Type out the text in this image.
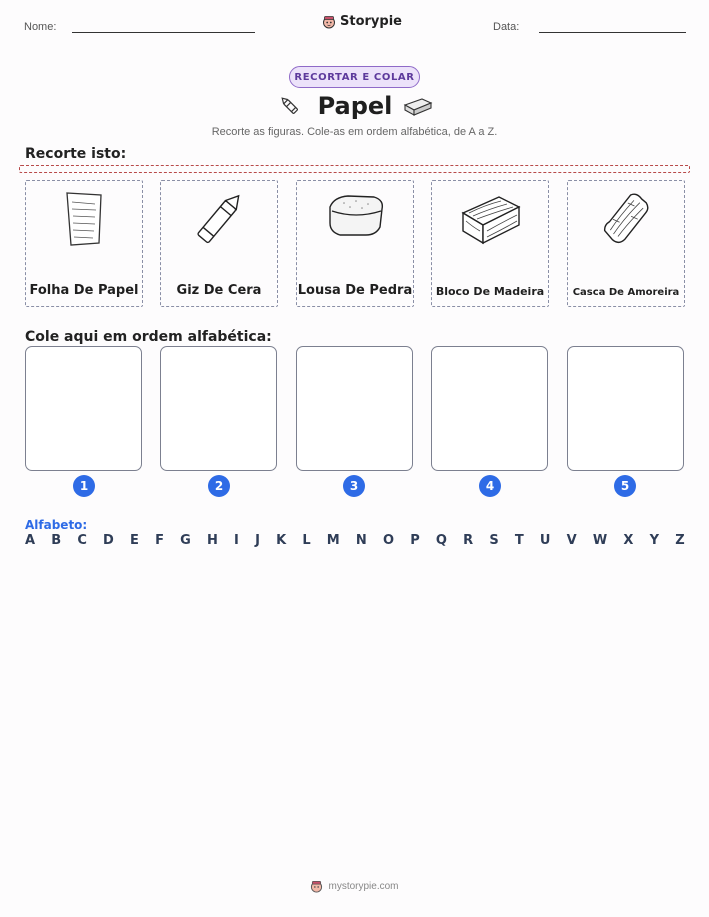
Nome:	Storypie	Data:
RECORTAR E COLAR
Papel
Recorte as figuras. Cole-as em ordem alfabética, de A a Z.
Recorte isto:
Folha De Papel	Giz De Cera	Lousa De Pedra	Bloco De Madeira	Casca De Amoreira
Cole aqui em ordem alfabética:
1	2	3	4	5
Alfabeto:
A B C D E F G H I J K L M N O P Q R S T U V W X Y Z
mystorypie.com
